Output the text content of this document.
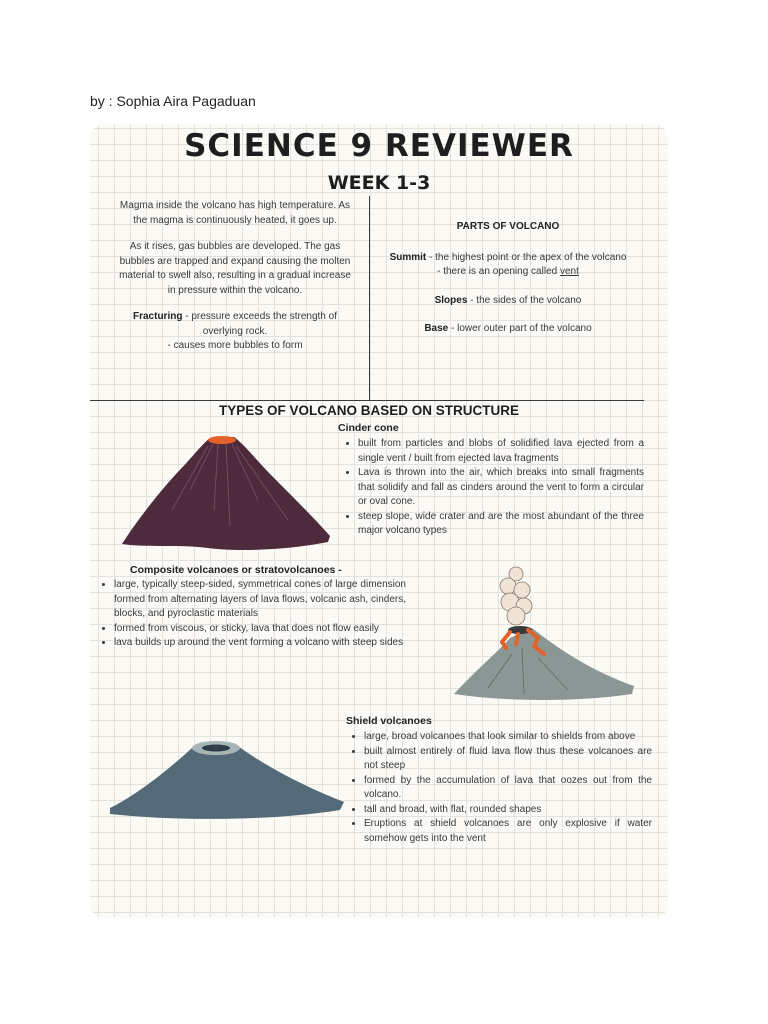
by : Sophia Aira Pagaduan
SCIENCE 9 REVIEWER
WEEK 1-3

Magma inside the volcano has high temperature. As the magma is continuously heated, it goes up.

As it rises, gas bubbles are developed. The gas bubbles are trapped and expand causing the molten material to swell also, resulting in a gradual increase in pressure within the volcano.

Fracturing - pressure exceeds the strength of overlying rock.
- causes more bubbles to form

PARTS OF VOLCANO

Summit - the highest point or the apex of the volcano
- there is an opening called vent

Slopes - the sides of the volcano

Base - lower outer part of the volcano

TYPES OF VOLCANO BASED ON STRUCTURE
Cinder cone
• built from particles and blobs of solidified lava ejected from a single vent / built from ejected lava fragments
• Lava is thrown into the air, which breaks into small fragments that solidify and fall as cinders around the vent to form a circular or oval cone.
• steep slope, wide crater and are the most abundant of the three major volcano types
Composite volcanoes or stratovolcanoes -
• large, typically steep-sided, symmetrical cones of large dimension formed from alternating layers of lava flows, volcanic ash, cinders, blocks, and pyroclastic materials
• formed from viscous, or sticky, lava that does not flow easily
• lava builds up around the vent forming a volcano with steep sides
Shield volcanoes
• large, broad volcanoes that look similar to shields from above
• built almost entirely of fluid lava flow thus these volcanoes are not steep
• formed by the accumulation of lava that oozes out from the volcano.
• tall and broad, with flat, rounded shapes
• Eruptions at shield volcanoes are only explosive if water somehow gets into the vent
